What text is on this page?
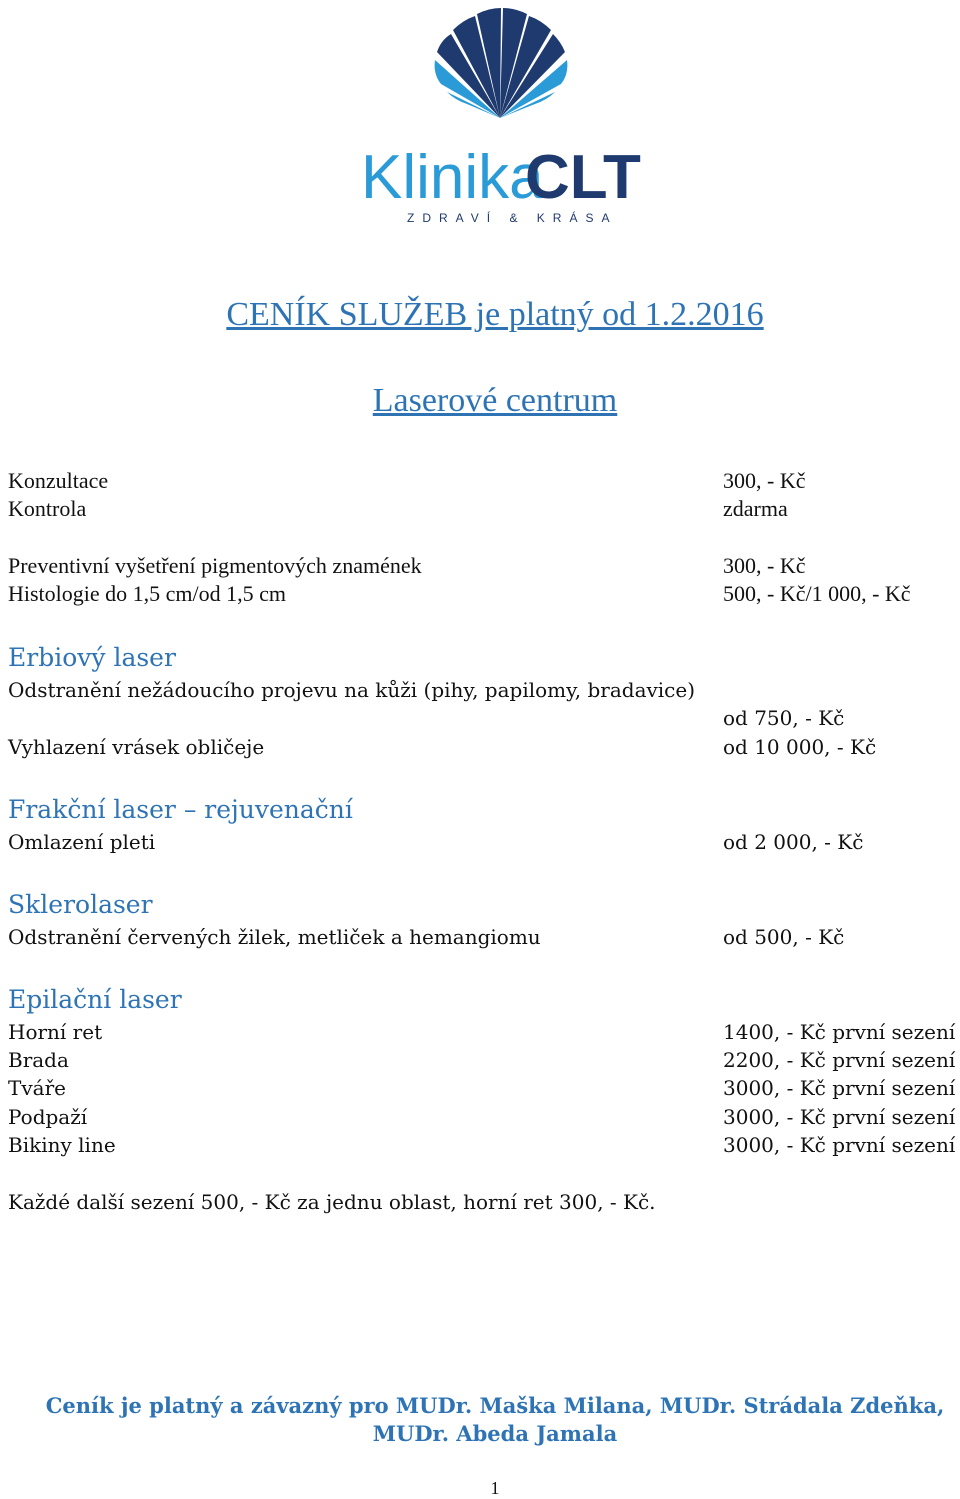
Klinika
CLT
ZDRAVÍ & KRÁSA
CENÍK SLUŽEB je platný od 1.2.2016
Laserové centrum
Konzultace	300, - Kč
Kontrola	zdarma
Preventivní vyšetření pigmentových znamének	300, - Kč
Histologie do 1,5 cm/od 1,5 cm	500, - Kč/1 000, - Kč
Erbiový laser
Odstranění nežádoucího projevu na kůži (pihy, papilomy, bradavice)
od 750, - Kč
Vyhlazení vrásek obličeje	od 10 000, - Kč
Frakční laser – rejuvenační
Omlazení pleti	od 2 000, - Kč
Sklerolaser
Odstranění červených žilek, metliček a hemangiomu	od 500, - Kč
Epilační laser
Horní ret	1400, - Kč první sezení
Brada	2200, - Kč první sezení
Tváře	3000, - Kč první sezení
Podpaží	3000, - Kč první sezení
Bikiny line	3000, - Kč první sezení
Každé další sezení 500, - Kč za jednu oblast, horní ret 300, - Kč.
Ceník je platný a závazný pro MUDr. Maška Milana, MUDr. Strádala Zdeňka,
MUDr. Abeda Jamala
1
